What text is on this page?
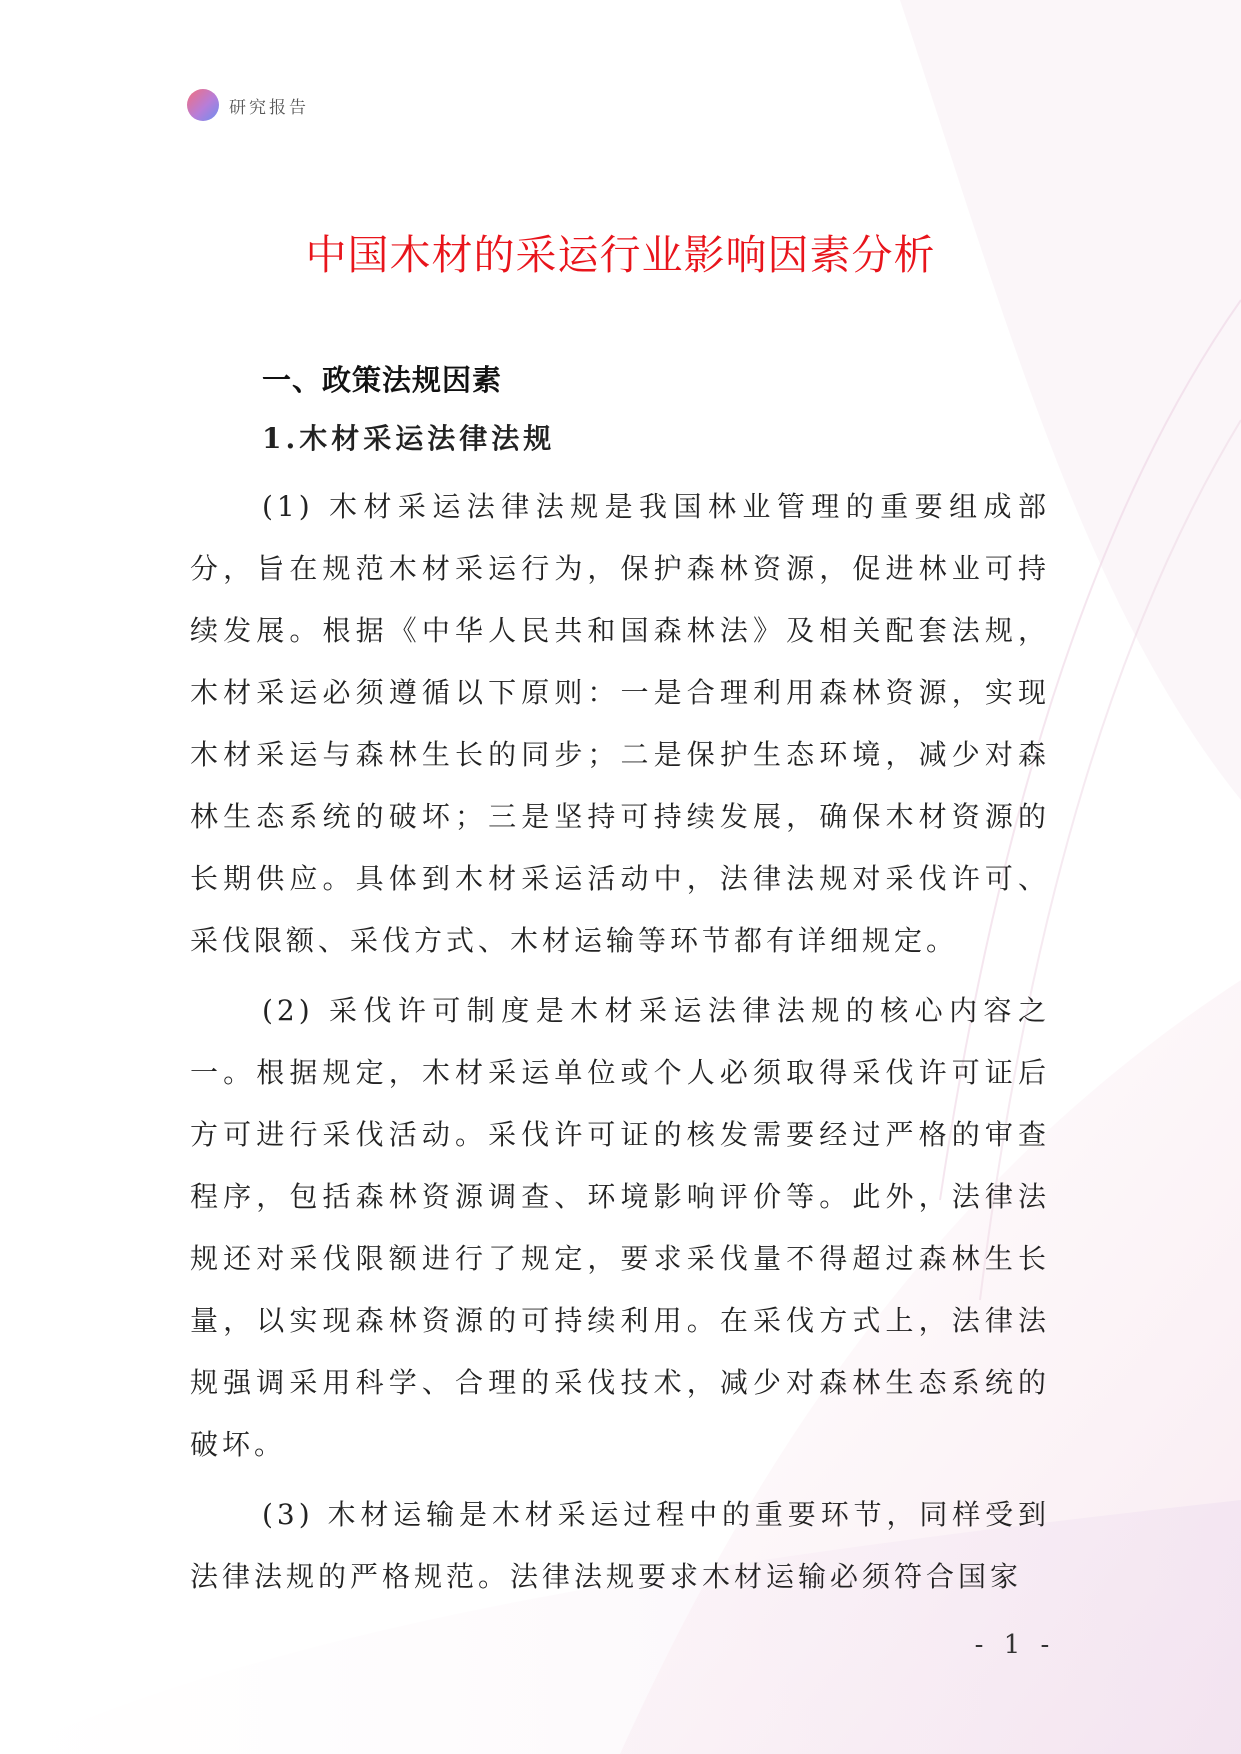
研究报告
中国木材的采运行业影响因素分析
一、政策法规因素
1.木材采运法律法规

(1) 木材采运法律法规是我国林业管理的重要组成部分，旨在规范木材采运行为，保护森林资源，促进林业可持续发展。根据《中华人民共和国森林法》及相关配套法规，木材采运必须遵循以下原则：一是合理利用森林资源，实现木材采运与森林生长的同步；二是保护生态环境，减少对森林生态系统的破坏；三是坚持可持续发展，确保木材资源的长期供应。具体到木材采运活动中，法律法规对采伐许可、采伐限额、采伐方式、木材运输等环节都有详细规定。

(2) 采伐许可制度是木材采运法律法规的核心内容之一。根据规定，木材采运单位或个人必须取得采伐许可证后方可进行采伐活动。采伐许可证的核发需要经过严格的审查程序，包括森林资源调查、环境影响评价等。此外，法律法规还对采伐限额进行了规定，要求采伐量不得超过森林生长量，以实现森林资源的可持续利用。在采伐方式上，法律法规强调采用科学、合理的采伐技术，减少对森林生态系统的破坏。

(3) 木材运输是木材采运过程中的重要环节，同样受到法律法规的严格规范。法律法规要求木材运输必须符合国家

- 1 -
